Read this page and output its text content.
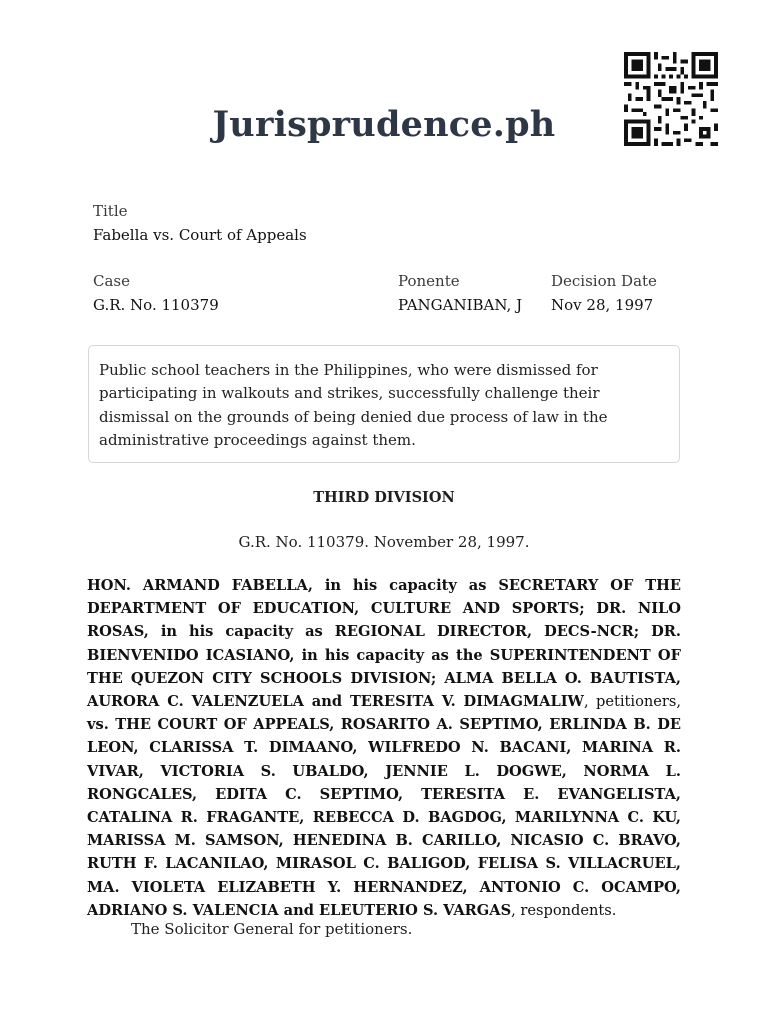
Jurisprudence.ph
Title
Fabella vs. Court of Appeals
Case
G.R. No. 110379
Ponente
PANGANIBAN, J
Decision Date
Nov 28, 1997
Public school teachers in the Philippines, who were dismissed for participating in walkouts and strikes, successfully challenge their dismissal on the grounds of being denied due process of law in the administrative proceedings against them.
THIRD DIVISION
G.R. No. 110379. November 28, 1997.
HON. ARMAND FABELLA, in his capacity as SECRETARY OF THE DEPARTMENT OF EDUCATION, CULTURE AND SPORTS; DR. NILO ROSAS, in his capacity as REGIONAL DIRECTOR, DECS-NCR; DR. BIENVENIDO ICASIANO, in his capacity as the SUPERINTENDENT OF THE QUEZON CITY SCHOOLS DIVISION; ALMA BELLA O. BAUTISTA, AURORA C. VALENZUELA and TERESITA V. DIMAGMALIW, petitioners, vs. THE COURT OF APPEALS, ROSARITO A. SEPTIMO, ERLINDA B. DE LEON, CLARISSA T. DIMAANO, WILFREDO N. BACANI, MARINA R. VIVAR, VICTORIA S. UBALDO, JENNIE L. DOGWE, NORMA L. RONGCALES, EDITA C. SEPTIMO, TERESITA E. EVANGELISTA, CATALINA R. FRAGANTE, REBECCA D. BAGDOG, MARILYNNA C. KU, MARISSA M. SAMSON, HENEDINA B. CARILLO, NICASIO C. BRAVO, RUTH F. LACANILAO, MIRASOL C. BALIGOD, FELISA S. VILLACRUEL, MA. VIOLETA ELIZABETH Y. HERNANDEZ, ANTONIO C. OCAMPO, ADRIANO S. VALENCIA and ELEUTERIO S. VARGAS, respondents.
The Solicitor General for petitioners.
